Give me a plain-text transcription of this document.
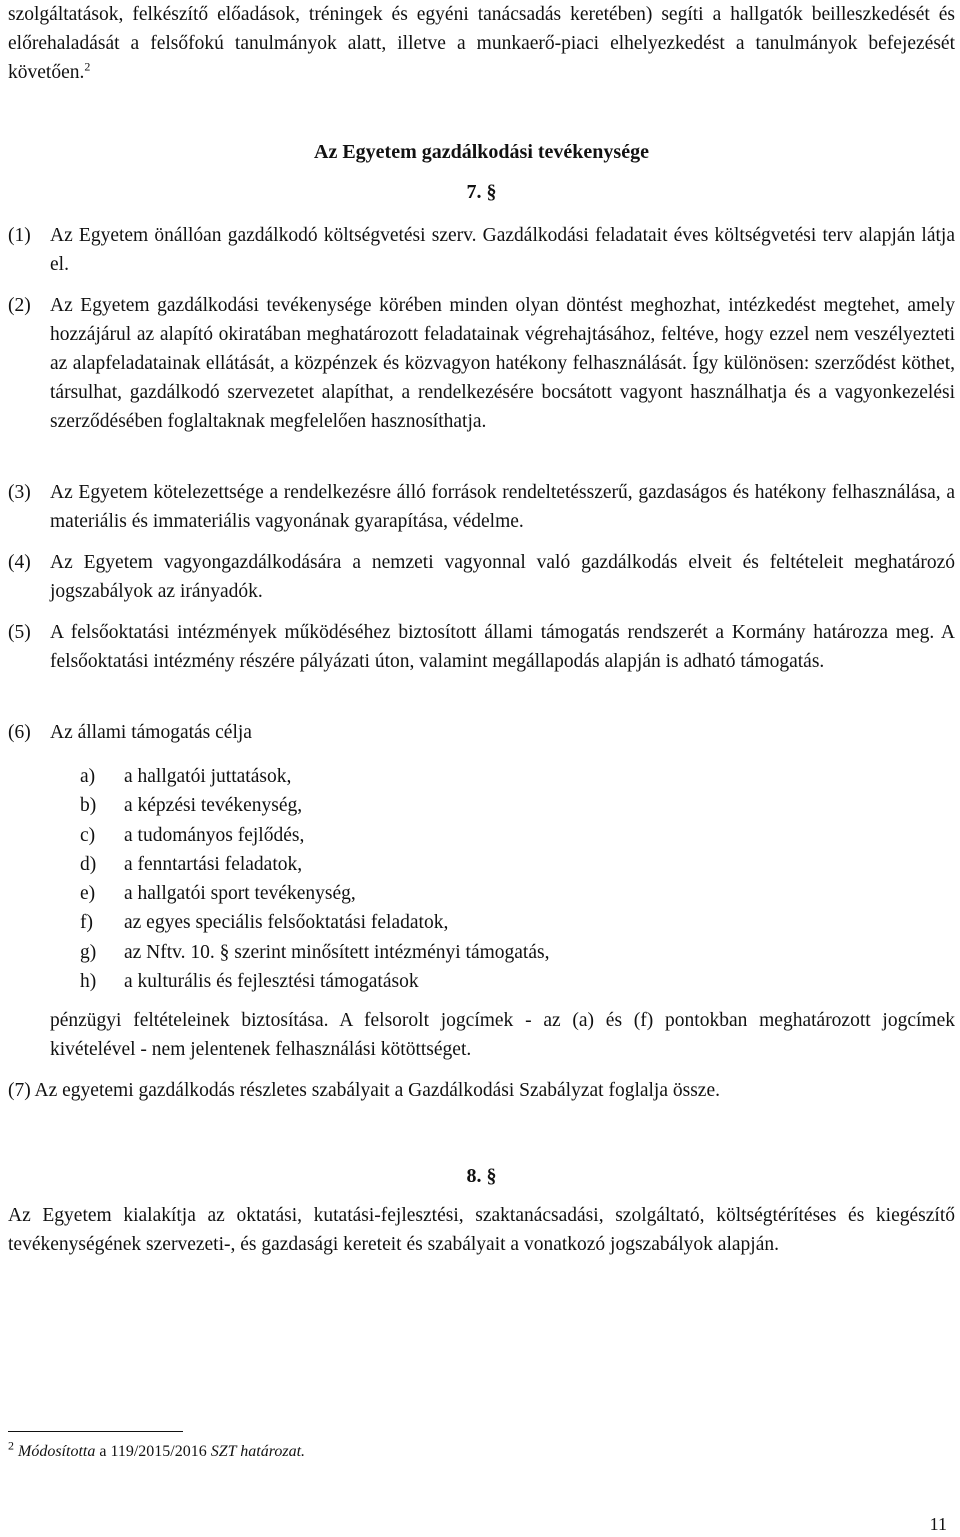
szolgáltatások, felkészítő előadások, tréningek és egyéni tanácsadás keretében) segíti a hallgatók beilleszkedését és előrehaladását a felsőfokú tanulmányok alatt, illetve a munkaerő-piaci elhelyezkedést a tanulmányok befejezését követően.$^2$

Az Egyetem gazdálkodási tevékenysége
7. §
(1) Az Egyetem önállóan gazdálkodó költségvetési szerv. Gazdálkodási feladatait éves költségvetési terv alapján látja el.
(2) Az Egyetem gazdálkodási tevékenysége körében minden olyan döntést meghozhat, intézkedést megtehet, amely hozzájárul az alapító okiratában meghatározott feladatainak végrehajtásához, feltéve, hogy ezzel nem veszélyezteti az alapfeladatainak ellátását, a közpénzek és közvagyon hatékony felhasználását. Így különösen: szerződést köthet, társulhat, gazdálkodó szervezetet alapíthat, a rendelkezésére bocsátott vagyont használhatja és a vagyonkezelési szerződésében foglaltaknak megfelelően hasznosíthatja.
(3) Az Egyetem kötelezettsége a rendelkezésre álló források rendeltetésszerű, gazdaságos és hatékony felhasználása, a materiális és immateriális vagyonának gyarapítása, védelme.
(4) Az Egyetem vagyongazdálkodására a nemzeti vagyonnal való gazdálkodás elveit és feltételeit meghatározó jogszabályok az irányadók.
(5) A felsőoktatási intézmények működéséhez biztosított állami támogatás rendszerét a Kormány határozza meg. A felsőoktatási intézmény részére pályázati úton, valamint megállapodás alapján is adható támogatás.
(6) Az állami támogatás célja
a)	a hallgatói juttatások,
b)	a képzési tevékenység,
c)	a tudományos fejlődés,
d)	a fenntartási feladatok,
e)	a hallgatói sport tevékenység,
f)	az egyes speciális felsőoktatási feladatok,
g)	az Nftv. 10. § szerint minősített intézményi támogatás,
h)	a kulturális és fejlesztési támogatások
pénzügyi feltételeinek biztosítása. A felsorolt jogcímek - az (a) és (f) pontokban meghatározott jogcímek kivételével - nem jelentenek felhasználási kötöttséget.
(7) Az egyetemi gazdálkodás részletes szabályait a Gazdálkodási Szabályzat foglalja össze.
8. §
Az Egyetem kialakítja az oktatási, kutatási-fejlesztési, szaktanácsadási, szolgáltató, költségtérítéses és kiegészítő tevékenységének szervezeti-, és gazdasági kereteit és szabályait a vonatkozó jogszabályok alapján.
$^2$ Módosította a 119/2015/2016 SZT határozat.
11
